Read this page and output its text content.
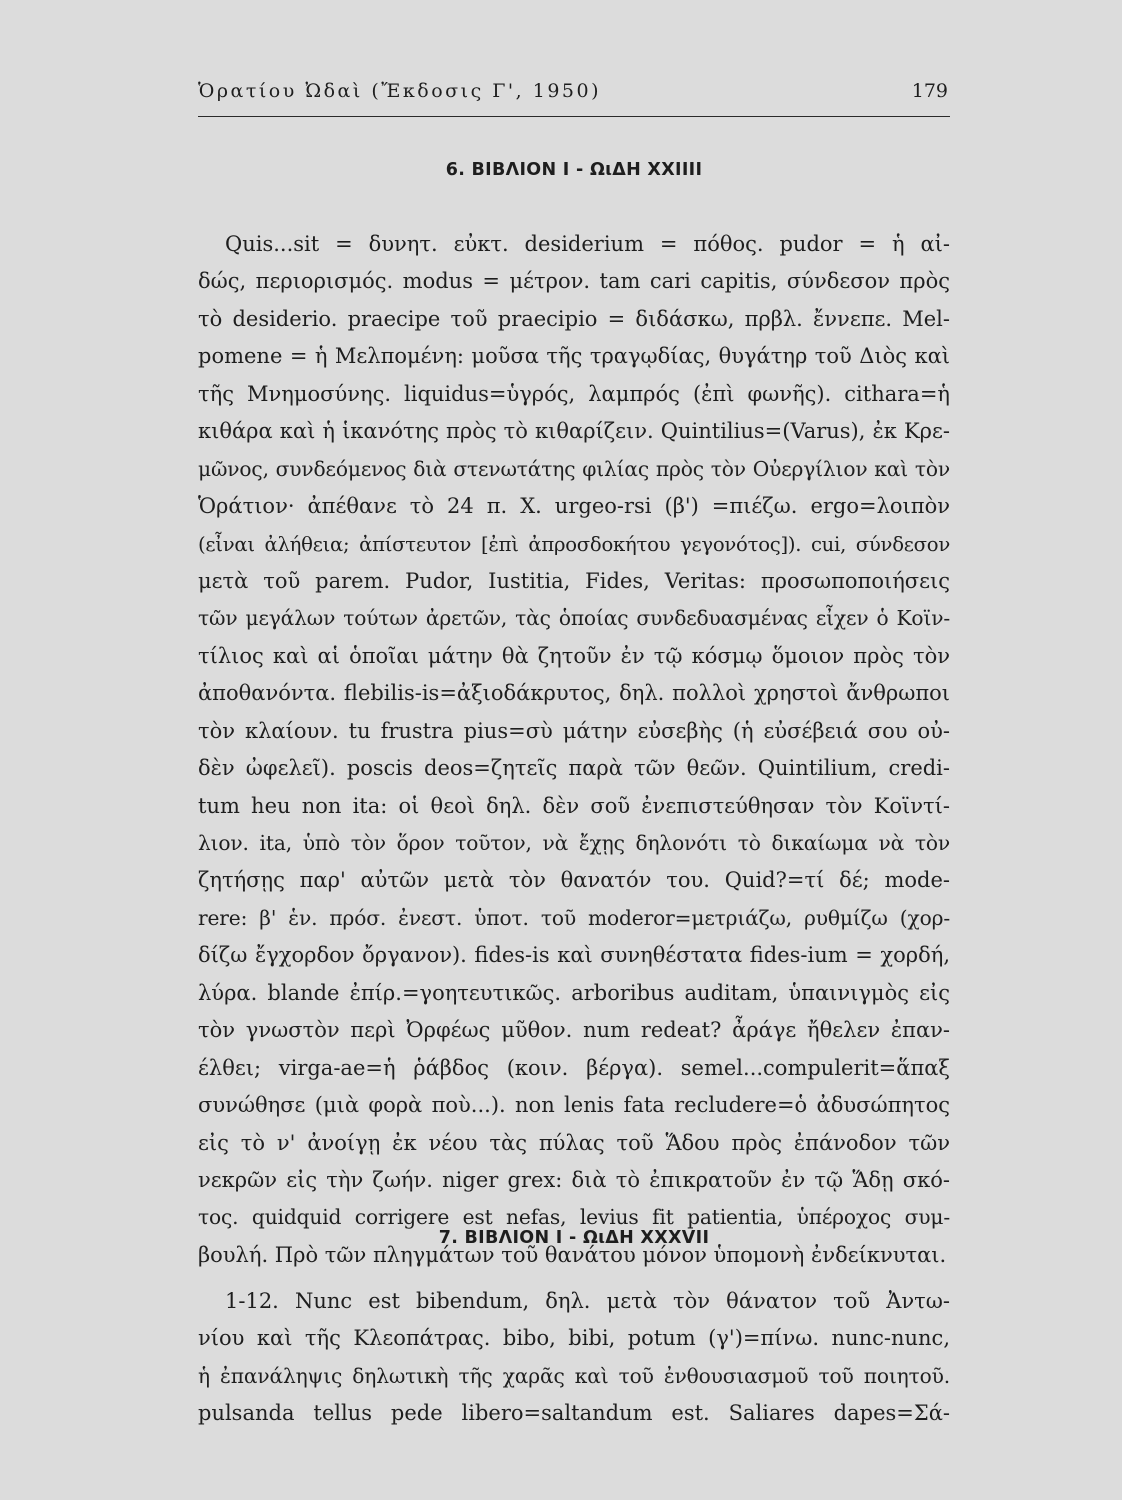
Ὁρατίου Ὠδαὶ (Ἔκδοσις Γ', 1950)	179
6. ΒΙΒΛΙΟΝ Ι - ΩιΔΗ XXIIII
Quis...sit = δυνητ. εὐκτ. desiderium = πόθος. pudor = ἡ αἰ-
δώς, περιορισμός. modus = μέτρον. tam cari capitis, σύνδεσον πρὸς
τὸ desiderio. praecipe τοῦ praecipio = διδάσκω, πρβλ. ἔννεπε. Mel-
pomene = ἡ Μελπομένη: μοῦσα τῆς τραγῳδίας, θυγάτηρ τοῦ Διὸς καὶ
τῆς Μνημοσύνης. liquidus=ὑγρός, λαμπρός (ἐπὶ φωνῆς). cithara=ἡ
κιθάρα καὶ ἡ ἱκανότης πρὸς τὸ κιθαρίζειν. Quintilius=(Varus), ἐκ Κρε-
μῶνος, συνδεόμενος διὰ στενωτάτης φιλίας πρὸς τὸν Οὐεργίλιον καὶ τὸν
Ὁράτιον· ἀπέθανε τὸ 24 π. Χ. urgeo-rsi (β') =πιέζω. ergo=λοιπὸν
(εἶναι ἀλήθεια; ἀπίστευτον [ἐπὶ ἀπροσδοκήτου γεγονότος]). cui, σύνδεσον
μετὰ τοῦ parem. Pudor, Iustitia, Fides, Veritas: προσωποποιήσεις
τῶν μεγάλων τούτων ἀρετῶν, τὰς ὁποίας συνδεδυασμένας εἶχεν ὁ Κοϊν-
τίλιος καὶ αἱ ὁποῖαι μάτην θὰ ζητοῦν ἐν τῷ κόσμῳ ὅμοιον πρὸς τὸν
ἀποθανόντα. flebilis-is=ἀξιοδάκρυτος, δηλ. πολλοὶ χρηστοὶ ἄνθρωποι
τὸν κλαίουν. tu frustra pius=σὺ μάτην εὐσεβὴς (ἡ εὐσέβειά σου οὐ-
δὲν ὠφελεῖ). poscis deos=ζητεῖς παρὰ τῶν θεῶν. Quintilium, credi-
tum heu non ita: οἱ θεοὶ δηλ. δὲν σοῦ ἐνεπιστεύθησαν τὸν Κοϊντί-
λιον. ita, ὑπὸ τὸν ὅρον τοῦτον, νὰ ἔχῃς δηλονότι τὸ δικαίωμα νὰ τὸν
ζητήσῃς παρ' αὐτῶν μετὰ τὸν θανατόν του. Quid?=τί δέ; mode-
rere: β' ἑν. πρόσ. ἐνεστ. ὑποτ. τοῦ moderor=μετριάζω, ρυθμίζω (χορ-
δίζω ἔγχορδον ὄργανον). fides-is καὶ συνηθέστατα fides-ium = χορδή,
λύρα. blande ἐπίρ.=γοητευτικῶς. arboribus auditam, ὑπαινιγμὸς εἰς
τὸν γνωστὸν περὶ Ὀρφέως μῦθον. num redeat? ἆράγε ἤθελεν ἐπαν-
έλθει; virga-ae=ἡ ῥάβδος (κοιν. βέργα). semel...compulerit=ἅπαξ
συνώθησε (μιὰ φορὰ ποὺ...). non lenis fata recludere=ὁ ἀδυσώπητος
εἰς τὸ ν' ἀνοίγῃ ἐκ νέου τὰς πύλας τοῦ Ἅδου πρὸς ἐπάνοδον τῶν
νεκρῶν εἰς τὴν ζωήν. niger grex: διὰ τὸ ἐπικρατοῦν ἐν τῷ Ἅδῃ σκό-
τος. quidquid corrigere est nefas, levius fit patientia, ὑπέροχος συμ-
βουλή. Πρὸ τῶν πληγμάτων τοῦ θανάτου μόνον ὑπομονὴ ἐνδείκνυται.
7. ΒΙΒΛΙΟΝ Ι - ΩιΔΗ XXXVII
1-12. Nunc est bibendum, δηλ. μετὰ τὸν θάνατον τοῦ Ἀντω-
νίου καὶ τῆς Κλεοπάτρας. bibo, bibi, potum (γ')=πίνω. nunc-nunc,
ἡ ἐπανάληψις δηλωτικὴ τῆς χαρᾶς καὶ τοῦ ἐνθουσιασμοῦ τοῦ ποιητοῦ.
pulsanda tellus pede libero=saltandum est. Saliares dapes=Σά-
